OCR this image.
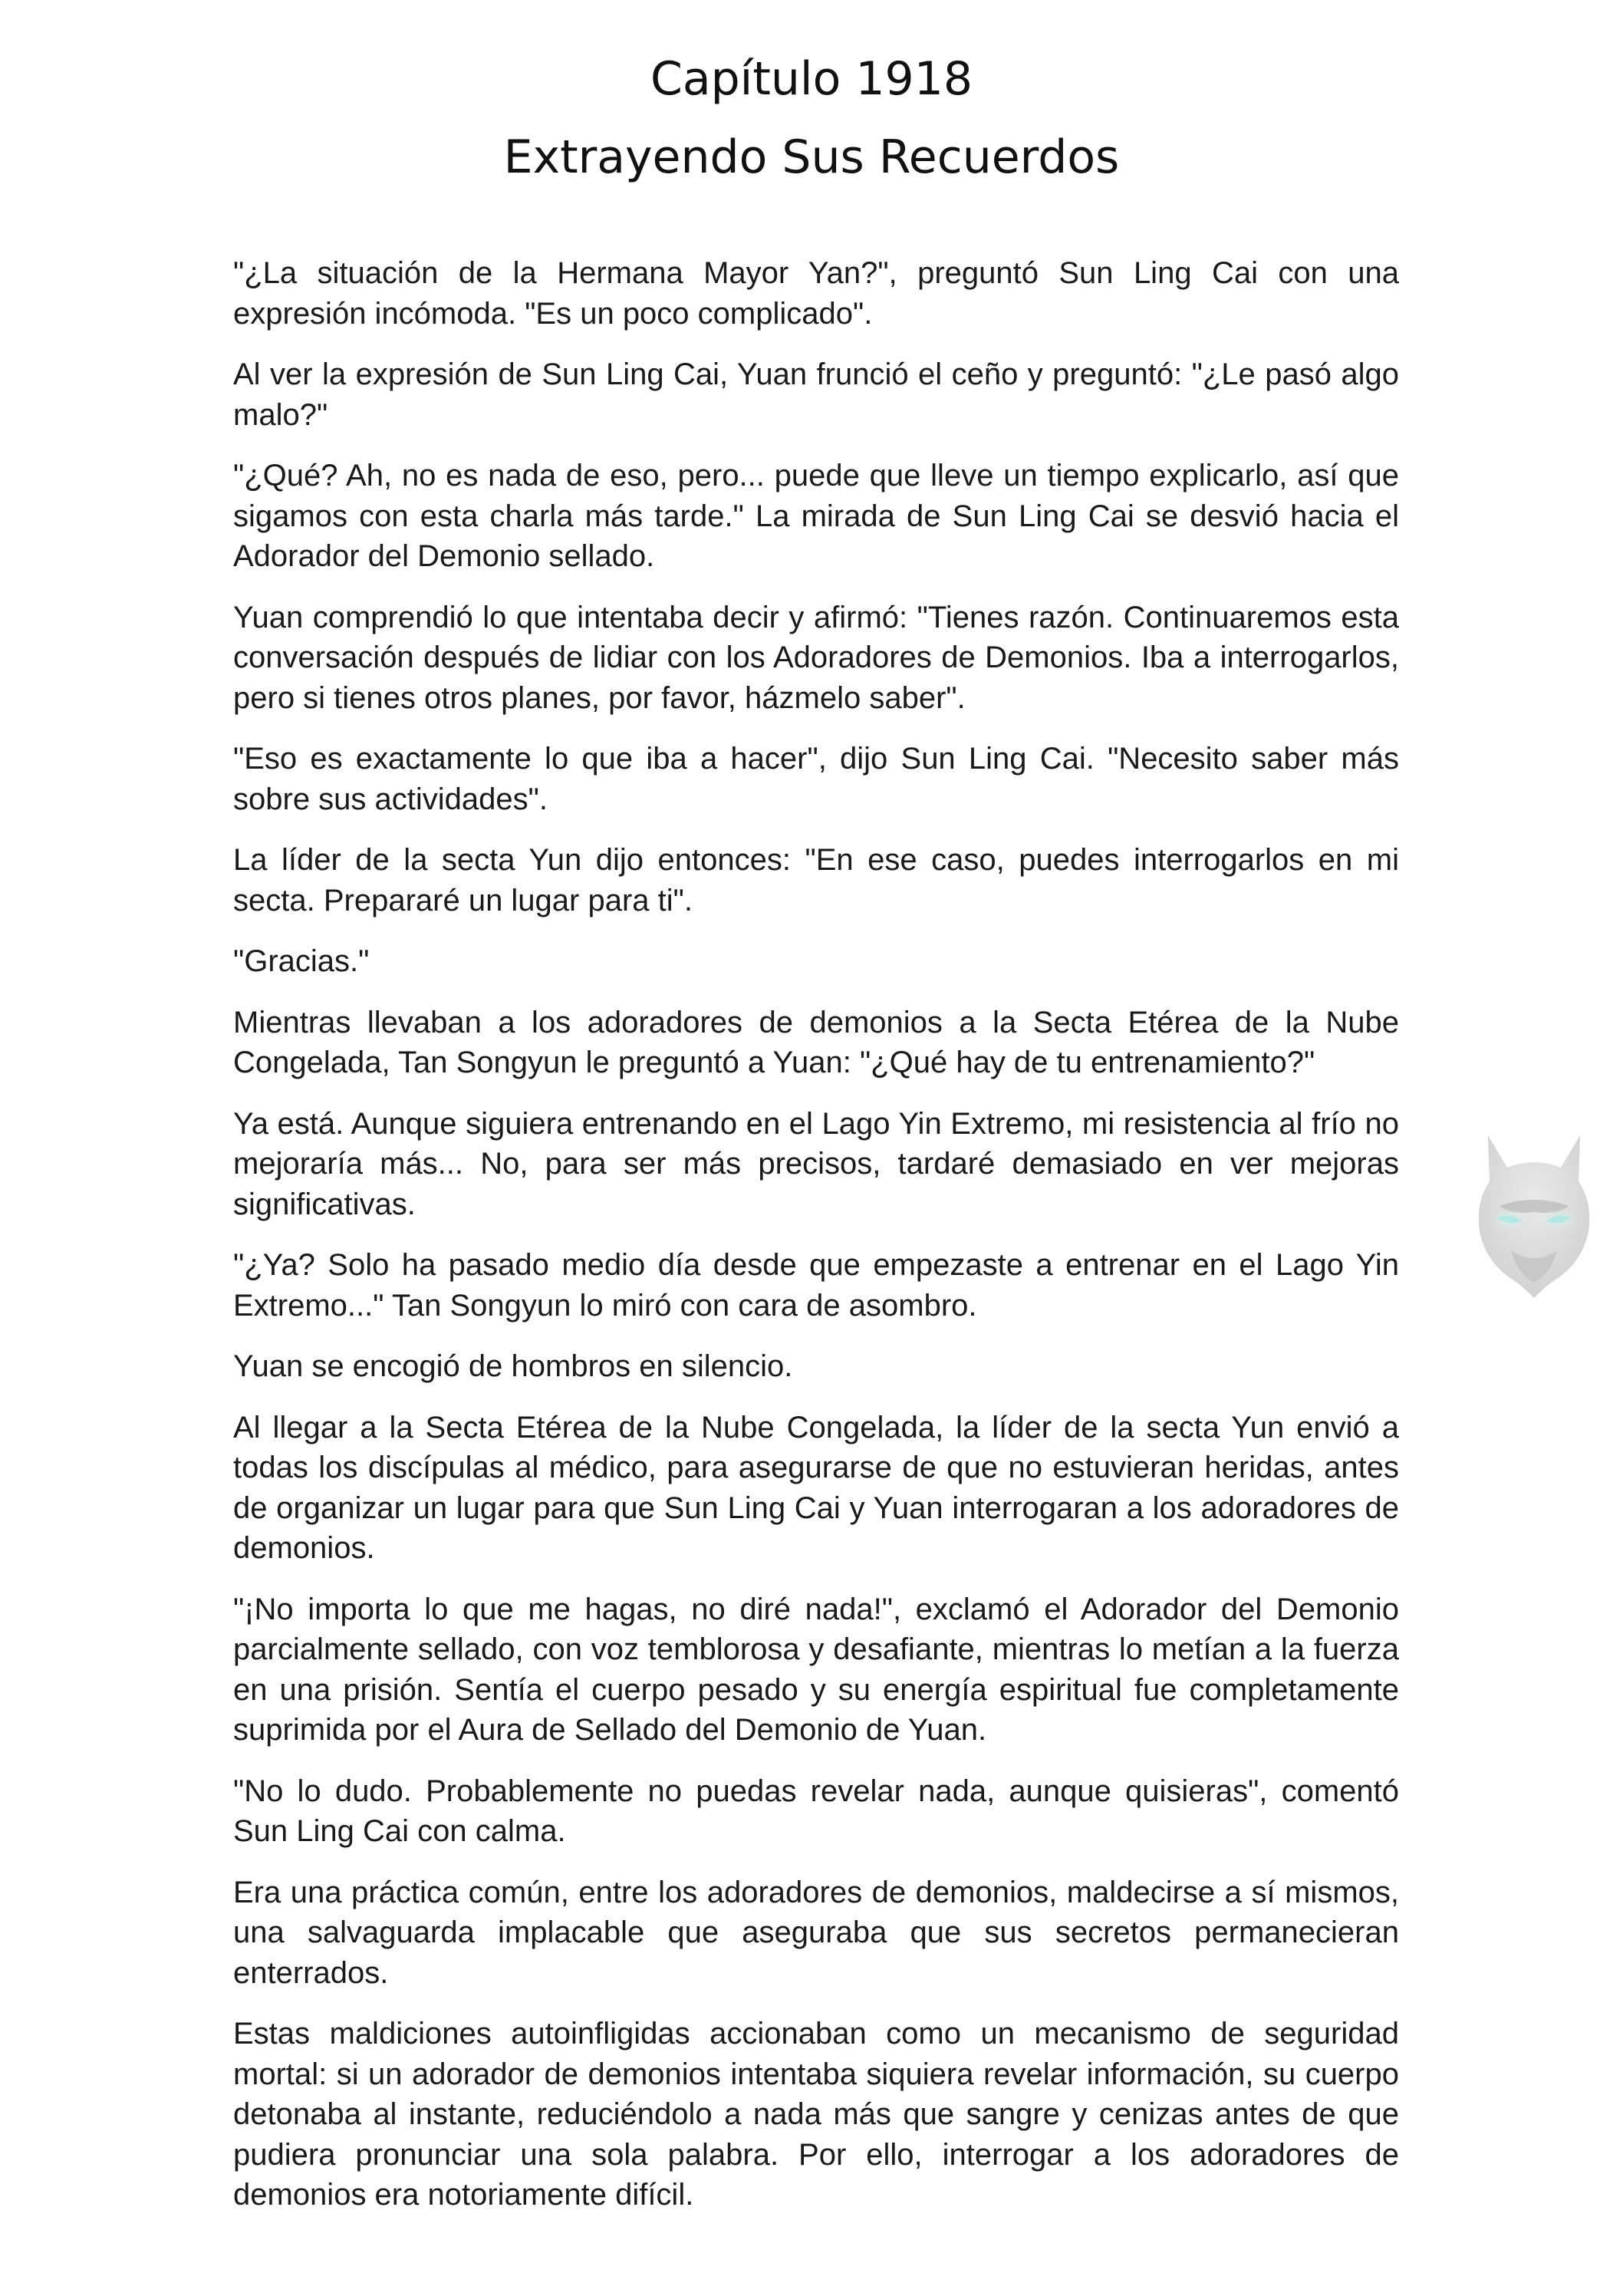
Capítulo 1918
Extrayendo Sus Recuerdos

"¿La situación de la Hermana Mayor Yan?", preguntó Sun Ling Cai con una expresión incómoda. "Es un poco complicado".

Al ver la expresión de Sun Ling Cai, Yuan frunció el ceño y preguntó: "¿Le pasó algo malo?"

"¿Qué? Ah, no es nada de eso, pero... puede que lleve un tiempo explicarlo, así que sigamos con esta charla más tarde." La mirada de Sun Ling Cai se desvió hacia el Adorador del Demonio sellado.

Yuan comprendió lo que intentaba decir y afirmó: "Tienes razón. Continuaremos esta conversación después de lidiar con los Adoradores de Demonios. Iba a interrogarlos, pero si tienes otros planes, por favor, házmelo saber".

"Eso es exactamente lo que iba a hacer", dijo Sun Ling Cai. "Necesito saber más sobre sus actividades".

La líder de la secta Yun dijo entonces: "En ese caso, puedes interrogarlos en mi secta. Prepararé un lugar para ti".

"Gracias."

Mientras llevaban a los adoradores de demonios a la Secta Etérea de la Nube Congelada, Tan Songyun le preguntó a Yuan: "¿Qué hay de tu entrenamiento?"

Ya está. Aunque siguiera entrenando en el Lago Yin Extremo, mi resistencia al frío no mejoraría más... No, para ser más precisos, tardaré demasiado en ver mejoras significativas.

"¿Ya? Solo ha pasado medio día desde que empezaste a entrenar en el Lago Yin Extremo..." Tan Songyun lo miró con cara de asombro.

Yuan se encogió de hombros en silencio.

Al llegar a la Secta Etérea de la Nube Congelada, la líder de la secta Yun envió a todas los discípulas al médico, para asegurarse de que no estuvieran heridas, antes de organizar un lugar para que Sun Ling Cai y Yuan interrogaran a los adoradores de demonios.

"¡No importa lo que me hagas, no diré nada!", exclamó el Adorador del Demonio parcialmente sellado, con voz temblorosa y desafiante, mientras lo metían a la fuerza en una prisión. Sentía el cuerpo pesado y su energía espiritual fue completamente suprimida por el Aura de Sellado del Demonio de Yuan.

"No lo dudo. Probablemente no puedas revelar nada, aunque quisieras", comentó Sun Ling Cai con calma.

Era una práctica común, entre los adoradores de demonios, maldecirse a sí mismos, una salvaguarda implacable que aseguraba que sus secretos permanecieran enterrados.

Estas maldiciones autoinfligidas accionaban como un mecanismo de seguridad mortal: si un adorador de demonios intentaba siquiera revelar información, su cuerpo detonaba al instante, reduciéndolo a nada más que sangre y cenizas antes de que pudiera pronunciar una sola palabra. Por ello, interrogar a los adoradores de demonios era notoriamente difícil.
